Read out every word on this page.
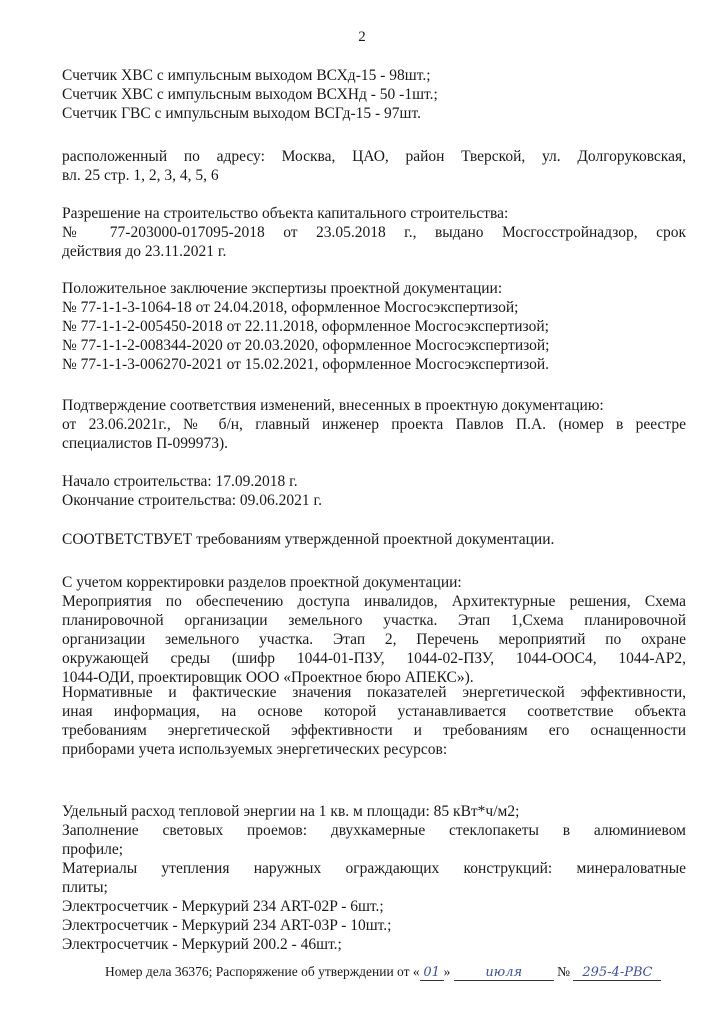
2
Счетчик ХВС с импульсным выходом ВСХд-15 - 98шт.;
Счетчик ХВС с импульсным выходом ВСХНд - 50 -1шт.;
Счетчик ГВС с импульсным выходом ВСГд-15 - 97шт.
расположенный по адресу: Москва, ЦАО, район Тверской, ул. Долгоруковская,
вл. 25 стр. 1, 2, 3, 4, 5, 6
Разрешение на строительство объекта капитального строительства:
№ 77-203000-017095-2018 от 23.05.2018 г., выдано Мосгосстройнадзор, срок
действия до 23.11.2021 г.
Положительное заключение экспертизы проектной документации:
№ 77-1-1-3-1064-18 от 24.04.2018, оформленное Мосгосэкспертизой;
№ 77-1-1-2-005450-2018 от 22.11.2018, оформленное Мосгосэкспертизой;
№ 77-1-1-2-008344-2020 от 20.03.2020, оформленное Мосгосэкспертизой;
№ 77-1-1-3-006270-2021 от 15.02.2021, оформленное Мосгосэкспертизой.
Подтверждение соответствия изменений, внесенных в проектную документацию:
от 23.06.2021г., № б/н, главный инженер проекта Павлов П.А. (номер в реестре
специалистов П-099973).
Начало строительства: 17.09.2018 г.
Окончание строительства: 09.06.2021 г.
СООТВЕТСТВУЕТ требованиям утвержденной проектной документации.
С учетом корректировки разделов проектной документации:
Мероприятия по обеспечению доступа инвалидов, Архитектурные решения, Схема
планировочной организации земельного участка. Этап 1,Схема планировочной
организации земельного участка. Этап 2, Перечень мероприятий по охране
окружающей среды (шифр 1044-01-ПЗУ, 1044-02-ПЗУ, 1044-ООС4, 1044-АР2,
1044-ОДИ, проектировщик ООО «Проектное бюро АПЕКС»).
Нормативные и фактические значения показателей энергетической эффективности,
иная информация, на основе которой устанавливается соответствие объекта
требованиям энергетической эффективности и требованиям его оснащенности
приборами учета используемых энергетических ресурсов:
Удельный расход тепловой энергии на 1 кв. м площади: 85 кВт*ч/м2;
Заполнение световых проемов: двухкамерные стеклопакеты в алюминиевом
профиле;
Материалы утепления наружных ограждающих конструкций: минераловатные
плиты;
Электросчетчик - Меркурий 234 ART-02P - 6шт.;
Электросчетчик - Меркурий 234 ART-03P - 10шт.;
Электросчетчик - Меркурий 200.2 - 46шт.;
Номер дела 36376; Распоряжение об утверждении от « 01 »	июля	№ 295-4-РВС
